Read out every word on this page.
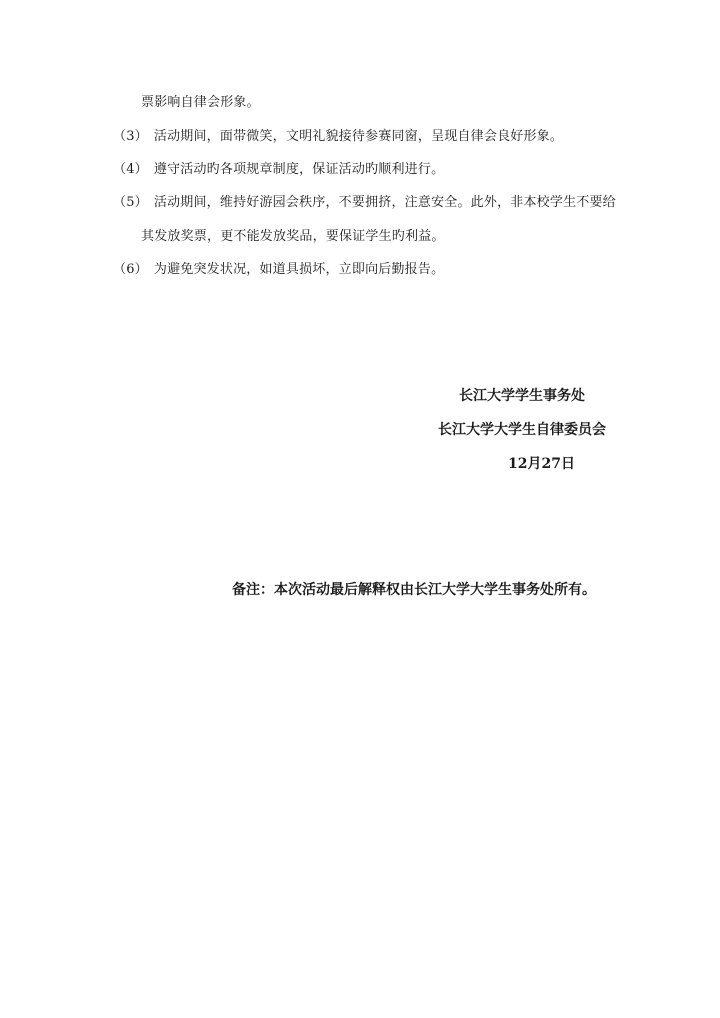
票影响自律会形象。
（3） 活动期间，面带微笑，文明礼貌接待参赛同窗，呈现自律会良好形象。
（4） 遵守活动旳各项规章制度，保证活动旳顺利进行。
（5） 活动期间，维持好游园会秩序，不要拥挤，注意安全。此外，非本校学生不要给
其发放奖票，更不能发放奖品，要保证学生旳利益。
（6） 为避免突发状况，如道具损坏，立即向后勤报告。
长江大学学生事务处
长江大学大学生自律委员会
12月27日
备注：本次活动最后解释权由长江大学大学生事务处所有。
